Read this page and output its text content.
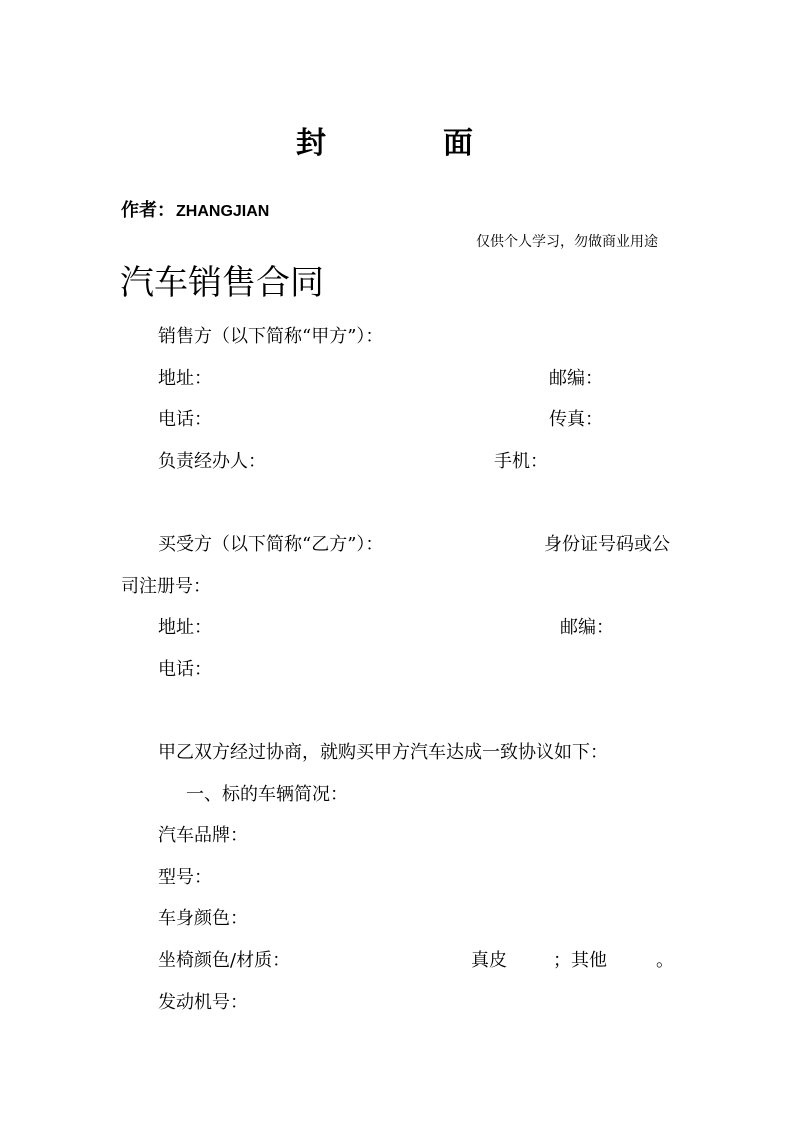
封	面
作者： ZHANGJIAN
仅供个人学习，勿做商业用途
汽车销售合同
销售方（以下简称“甲方”）：
地址：	邮编：
电话：	传真：
负责经办人：	手机：
买受方（以下简称“乙方”）：	身份证号码或公
司注册号：
地址：	邮编：
电话：
甲乙双方经过协商，就购买甲方汽车达成一致协议如下：
一、标的车辆简况：
汽车品牌：
型号：
车身颜色：
坐椅颜色/材质：	真皮	；其他	。
发动机号：
